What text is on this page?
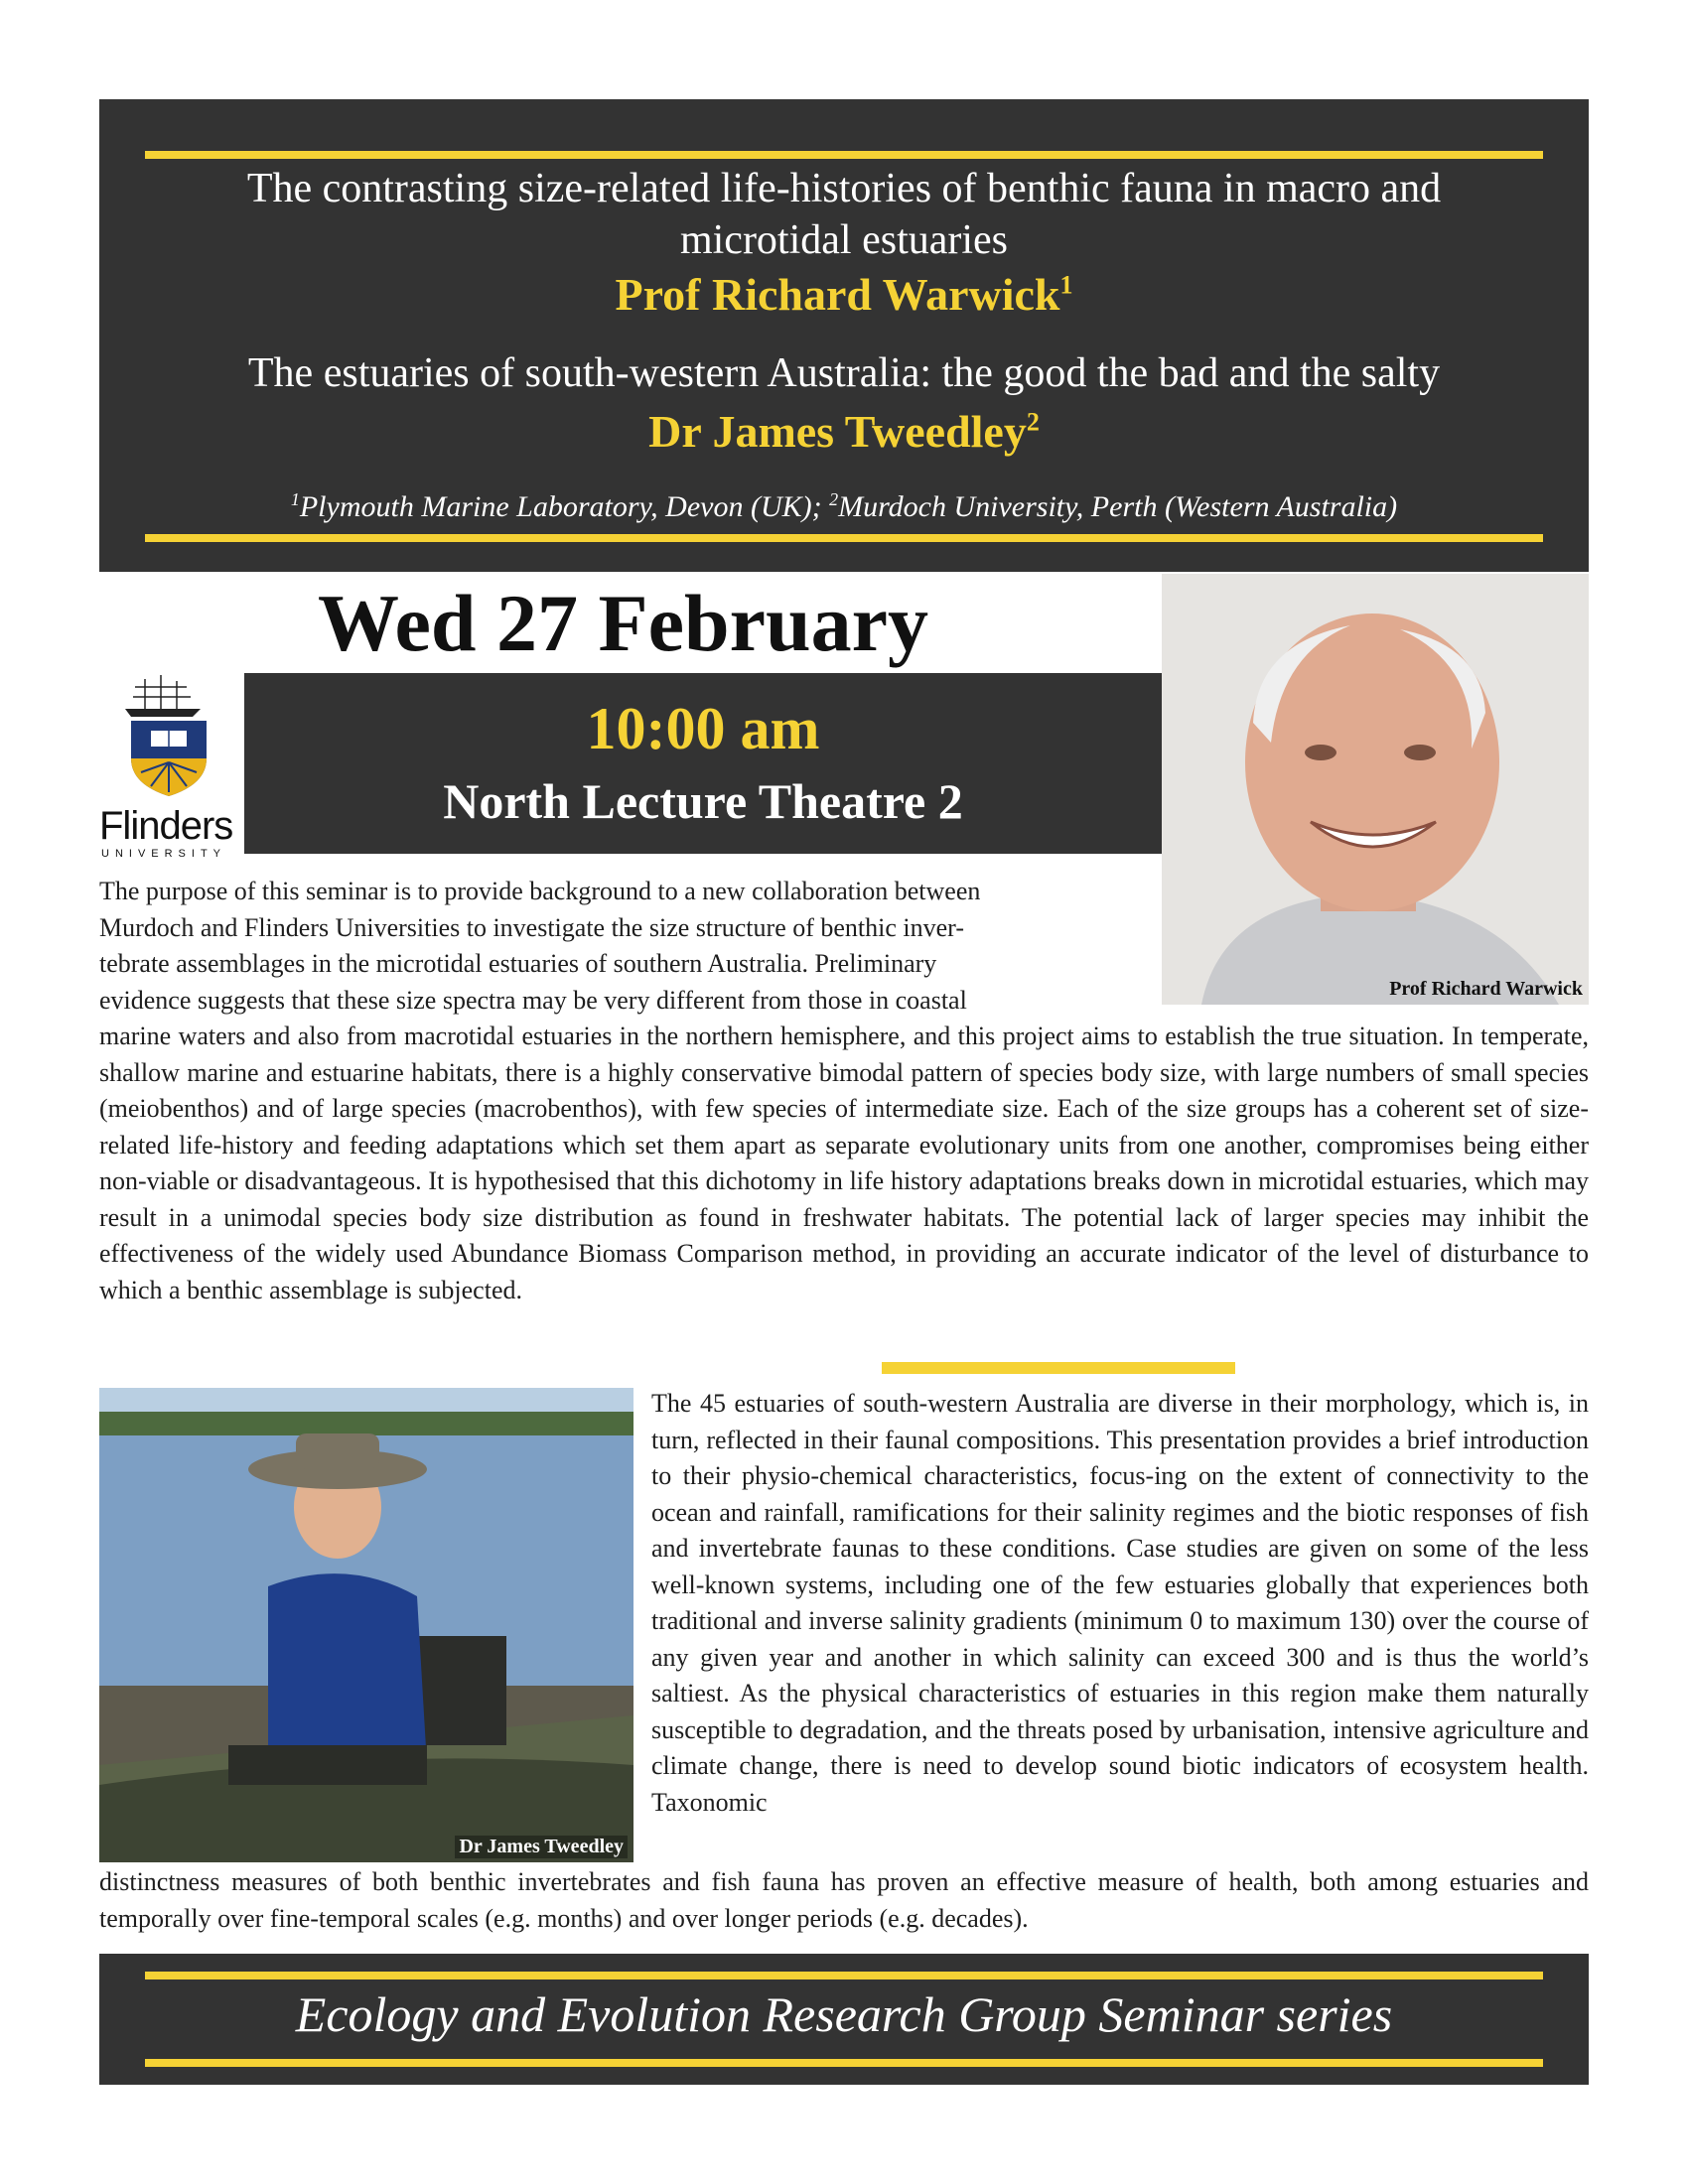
The contrasting size-related life-histories of benthic fauna in macro and
microtidal estuaries
Prof Richard Warwick$^1$
The estuaries of south-western Australia: the good the bad and the salty
Dr James Tweedley$^2$
$^1$Plymouth Marine Laboratory, Devon (UK); $^2$Murdoch University, Perth (Western Australia)
Wed 27 February
Flinders
UNIVERSITY
10:00 am
North Lecture Theatre 2
Prof Richard Warwick
The purpose of this seminar is to provide background to a new collaboration between
Murdoch and Flinders Universities to investigate the size structure of benthic inver-
tebrate assemblages in the microtidal estuaries of southern Australia. Preliminary
evidence suggests that these size spectra may be very different from those in coastal
marine waters and also from macrotidal estuaries in the northern hemisphere, and this project aims to establish the true situation. In temperate, shallow marine and estuarine habitats, there is a highly conservative bimodal pattern of species body size, with large numbers of small species (meiobenthos) and of large species (macrobenthos), with few species of intermediate size. Each of the size groups has a coherent set of size-related life-history and feeding adaptations which set them apart as separate evolutionary units from one another, compromises being either non-viable or disadvantageous. It is hypothesised that this dichotomy in life history adaptations breaks down in microtidal estuaries, which may result in a unimodal species body size distribution as found in freshwater habitats. The potential lack of larger species may inhibit the effectiveness of the widely used Abundance Biomass Comparison method, in providing an accurate indicator of the level of disturbance to which a benthic assemblage is subjected.
Dr James Tweedley
The 45 estuaries of south-western Australia are diverse in their morphology, which is, in turn, reflected in their faunal compositions. This presentation provides a brief introduction to their physio-chemical characteristics, focus-ing on the extent of connectivity to the ocean and rainfall, ramifications for their salinity regimes and the biotic responses of fish and invertebrate faunas to these conditions. Case studies are given on some of the less well-known systems, including one of the few estuaries globally that experiences both traditional and inverse salinity gradients (minimum 0 to maximum 130) over the course of any given year and another in which salinity can exceed 300 and is thus the world’s saltiest. As the physical characteristics of estuaries in this region make them naturally susceptible to degradation, and the threats posed by urbanisation, intensive agriculture and climate change, there is need to develop sound biotic indicators of ecosystem health. Taxonomic
distinctness measures of both benthic invertebrates and fish fauna has proven an effective measure of health, both among estuaries and temporally over fine-temporal scales (e.g. months) and over longer periods (e.g. decades).
Ecology and Evolution Research Group Seminar series
